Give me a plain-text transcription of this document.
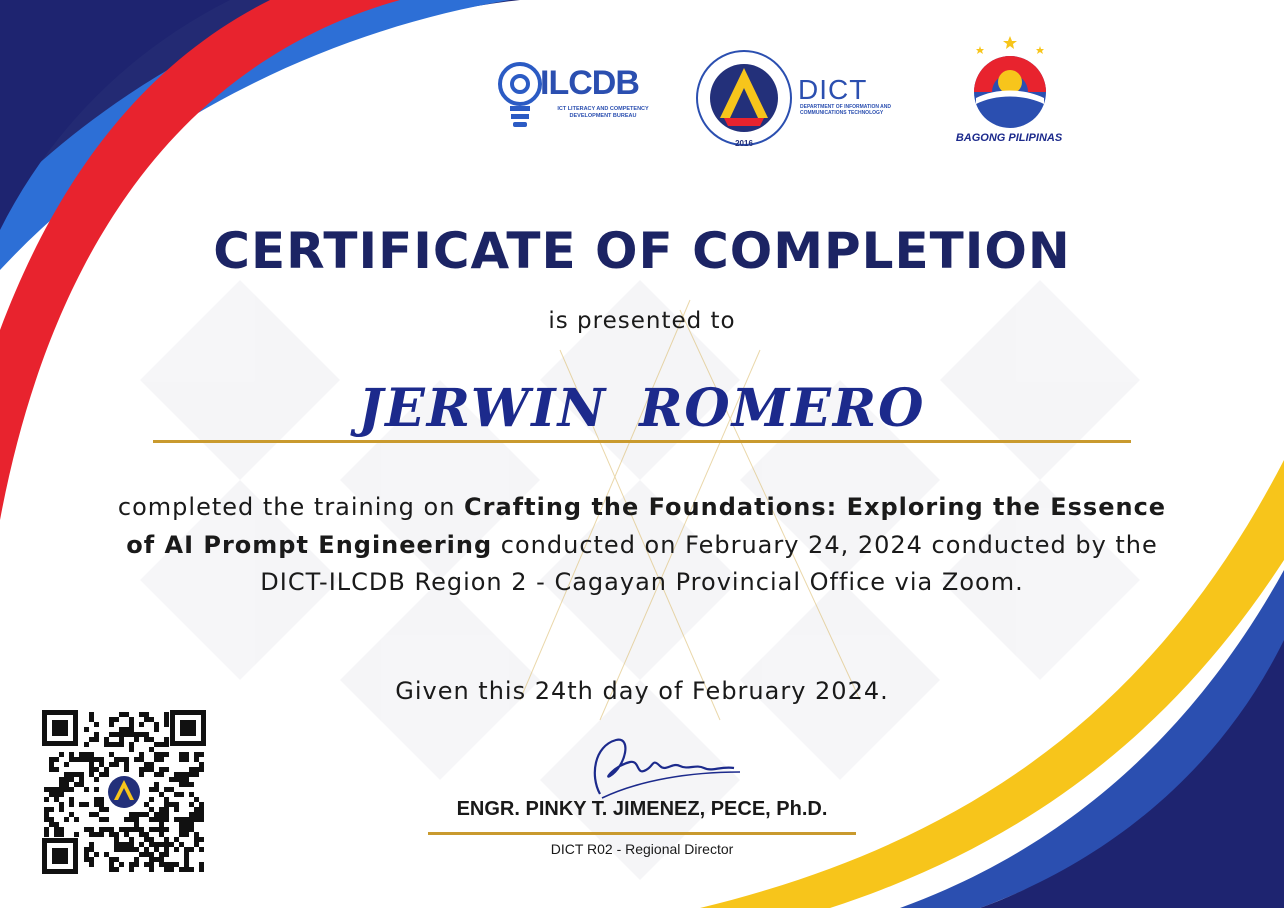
ILCDB
ICT LITERACY AND COMPETENCY
DEVELOPMENT BUREAU
2016
DICT
DEPARTMENT OF INFORMATION AND
COMMUNICATIONS TECHNOLOGY
BAGONG PILIPINAS
CERTIFICATE OF COMPLETION
is presented to
JERWIN ROMERO
completed the training on Crafting the Foundations: Exploring the Essence of AI Prompt Engineering conducted on February 24, 2024 conducted by the DICT-ILCDB Region 2 - Cagayan Provincial Office via Zoom.
Given this 24th day of February 2024.
ENGR. PINKY T. JIMENEZ, PECE, Ph.D.
DICT R02 - Regional Director
